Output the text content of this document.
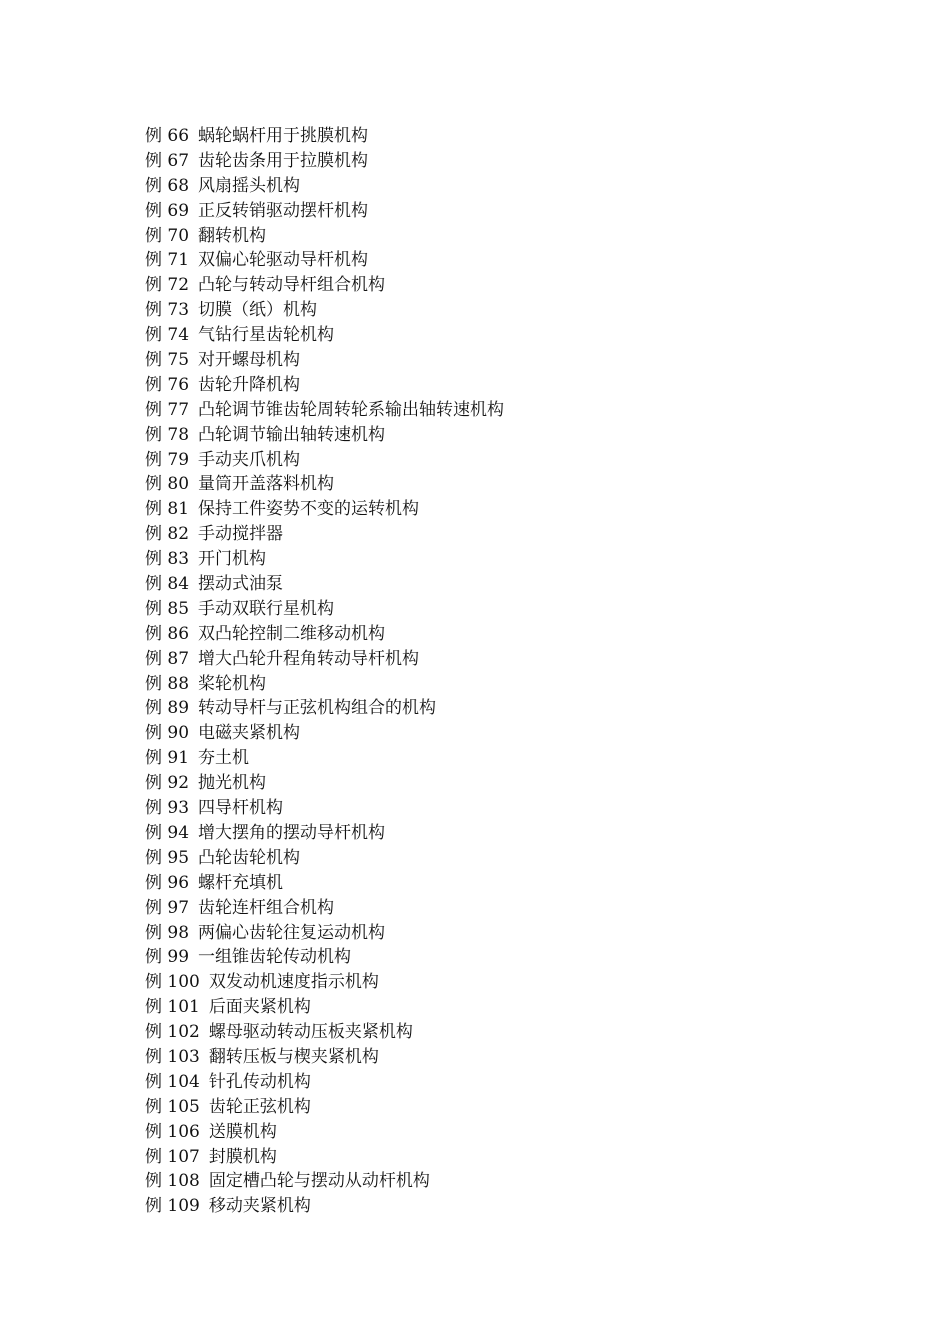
例 66 蜗轮蜗杆用于挑膜机构
例 67 齿轮齿条用于拉膜机构
例 68 风扇摇头机构
例 69 正反转销驱动摆杆机构
例 70 翻转机构
例 71 双偏心轮驱动导杆机构
例 72 凸轮与转动导杆组合机构
例 73 切膜（纸）机构
例 74 气钻行星齿轮机构
例 75 对开螺母机构
例 76 齿轮升降机构
例 77 凸轮调节锥齿轮周转轮系输出轴转速机构
例 78 凸轮调节输出轴转速机构
例 79 手动夹爪机构
例 80 量筒开盖落料机构
例 81 保持工件姿势不变的运转机构
例 82 手动搅拌器
例 83 开门机构
例 84 摆动式油泵
例 85 手动双联行星机构
例 86 双凸轮控制二维移动机构
例 87 增大凸轮升程角转动导杆机构
例 88 桨轮机构
例 89 转动导杆与正弦机构组合的机构
例 90 电磁夹紧机构
例 91 夯土机
例 92 抛光机构
例 93 四导杆机构
例 94 增大摆角的摆动导杆机构
例 95 凸轮齿轮机构
例 96 螺杆充填机
例 97 齿轮连杆组合机构
例 98 两偏心齿轮往复运动机构
例 99 一组锥齿轮传动机构
例 100 双发动机速度指示机构
例 101 后面夹紧机构
例 102 螺母驱动转动压板夹紧机构
例 103 翻转压板与楔夹紧机构
例 104 针孔传动机构
例 105 齿轮正弦机构
例 106 送膜机构
例 107 封膜机构
例 108 固定槽凸轮与摆动从动杆机构
例 109 移动夹紧机构
